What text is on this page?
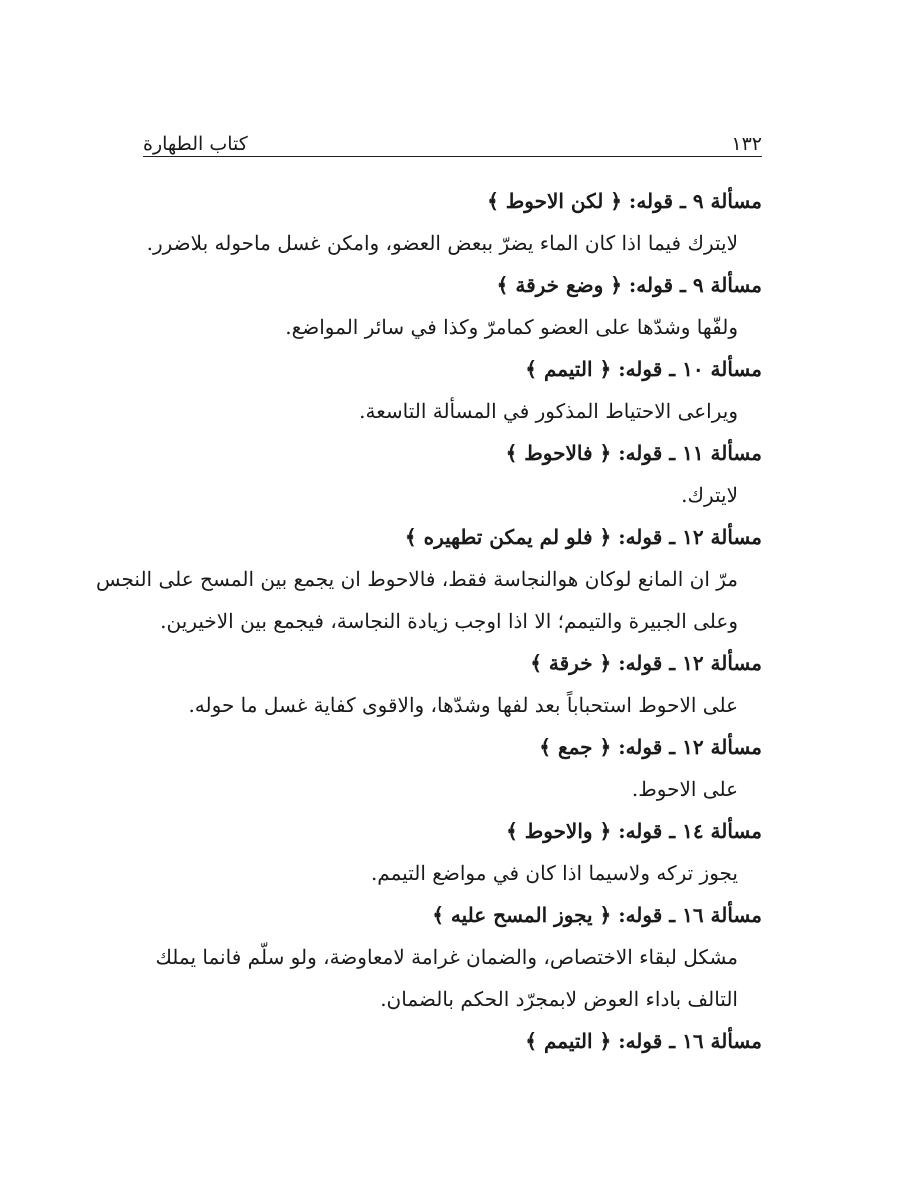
١٣٢
كتاب الطهارة
مسألة ٩ ـ قوله: ﴿ لكن الاحوط ﴾
لايترك فيما اذا كان الماء يضرّ ببعض العضو، وامكن غسل ماحوله بلاضرر.
مسألة ٩ ـ قوله: ﴿ وضع خرقة ﴾
ولفّها وشدّها على العضو كمامرّ وكذا في سائر المواضع.
مسألة ١٠ ـ قوله: ﴿ التيمم ﴾
ويراعى الاحتياط المذكور في المسألة التاسعة.
مسألة ١١ ـ قوله: ﴿ فالاحوط ﴾
لايترك.
مسألة ١٢ ـ قوله: ﴿ فلو لم يمكن تطهيره ﴾
مرّ ان المانع لوكان هوالنجاسة فقط، فالاحوط ان يجمع بين المسح على النجس
وعلى الجبيرة والتيمم؛ الا اذا اوجب زيادة النجاسة، فيجمع بين الاخيرين.
مسألة ١٢ ـ قوله: ﴿ خرقة ﴾
على الاحوط استحباباً بعد لفها وشدّها، والاقوى كفاية غسل ما حوله.
مسألة ١٢ ـ قوله: ﴿ جمع ﴾
على الاحوط.
مسألة ١٤ ـ قوله: ﴿ والاحوط ﴾
يجوز تركه ولاسيما اذا كان في مواضع التيمم.
مسألة ١٦ ـ قوله: ﴿ يجوز المسح عليه ﴾
مشكل لبقاء الاختصاص، والضمان غرامة لامعاوضة، ولو سلّم فانما يملك
التالف باداء العوض لابمجرّد الحكم بالضمان.
مسألة ١٦ ـ قوله: ﴿ التيمم ﴾
